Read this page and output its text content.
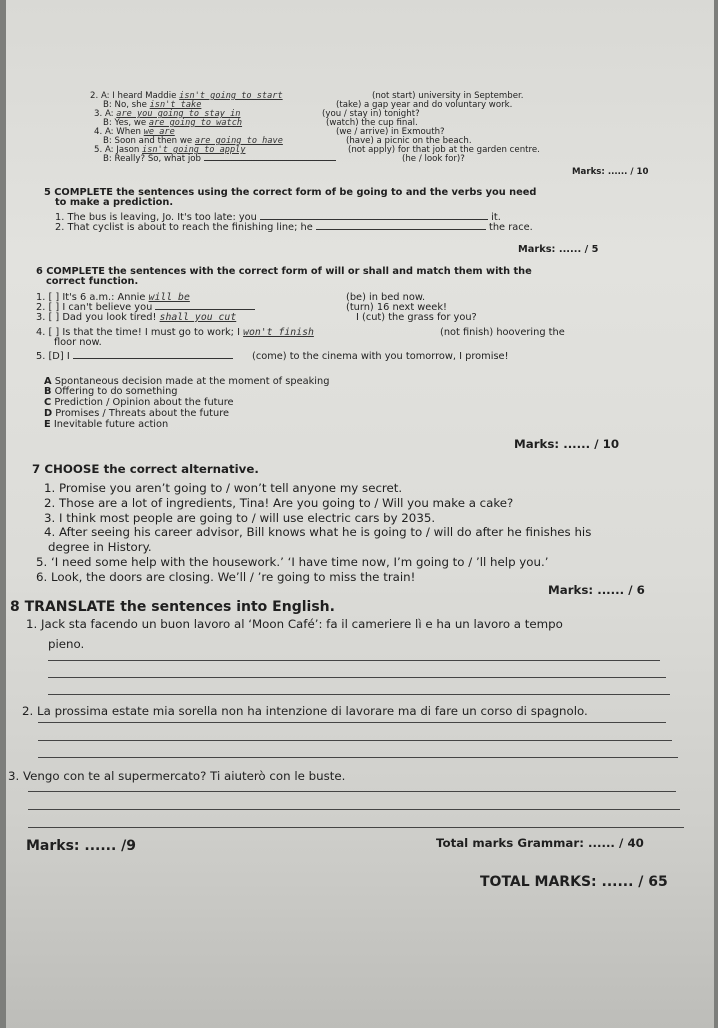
2. A: I heard Maddie isn't going to start	(not start) university in September.
B: No, she isn't take	(take) a gap year and do voluntary work.
3. A: are you going to stay in	(you / stay in) tonight?
B: Yes, we are going to watch	(watch) the cup final.
4. A: When we are	(we / arrive) in Exmouth?
B: Soon and then we are going to have	(have) a picnic on the beach.
5. A: Jason isn't going to apply	(not apply) for that job at the garden centre.
B: Really? So, what job	(he / look for)?
Marks: ...... / 10
5 COMPLETE the sentences using the correct form of be going to and the verbs you need
to make a prediction.
1. The bus is leaving, Jo. It's too late: you	it.
2. That cyclist is about to reach the finishing line; he	the race.
Marks: ...... / 5
6 COMPLETE the sentences with the correct form of will or shall and match them with the
correct function.
1. [ ] It's 6 a.m.: Annie will be	(be) in bed now.
2. [ ] I can't believe you	(turn) 16 next week!
3. [ ] Dad you look tired! shall you cut	I (cut) the grass for you?
4. [ ] Is that the time! I must go to work; I won't finish	(not finish) hoovering the
floor now.
5. [D] I	(come) to the cinema with you tomorrow, I promise!
A Spontaneous decision made at the moment of speaking
B Offering to do something
C Prediction / Opinion about the future
D Promises / Threats about the future
E Inevitable future action
Marks: ...... / 10
7 CHOOSE the correct alternative.
1. Promise you aren’t going to / won’t tell anyone my secret.
2. Those are a lot of ingredients, Tina! Are you going to / Will you make a cake?
3. I think most people are going to / will use electric cars by 2035.
4. After seeing his career advisor, Bill knows what he is going to / will do after he finishes his
degree in History.
5. ‘I need some help with the housework.’ ‘I have time now, I’m going to / ’ll help you.’
6. Look, the doors are closing. We’ll / ’re going to miss the train!
Marks: ...... / 6
8 TRANSLATE the sentences into English.
1. Jack sta facendo un buon lavoro al ‘Moon Café’: fa il cameriere lì e ha un lavoro a tempo
pieno.
2. La prossima estate mia sorella non ha intenzione di lavorare ma di fare un corso di spagnolo.
3. Vengo con te al supermercato? Ti aiuterò con le buste.
Marks: ...... /9	Total marks Grammar: ...... / 40
TOTAL MARKS: ...... / 65
